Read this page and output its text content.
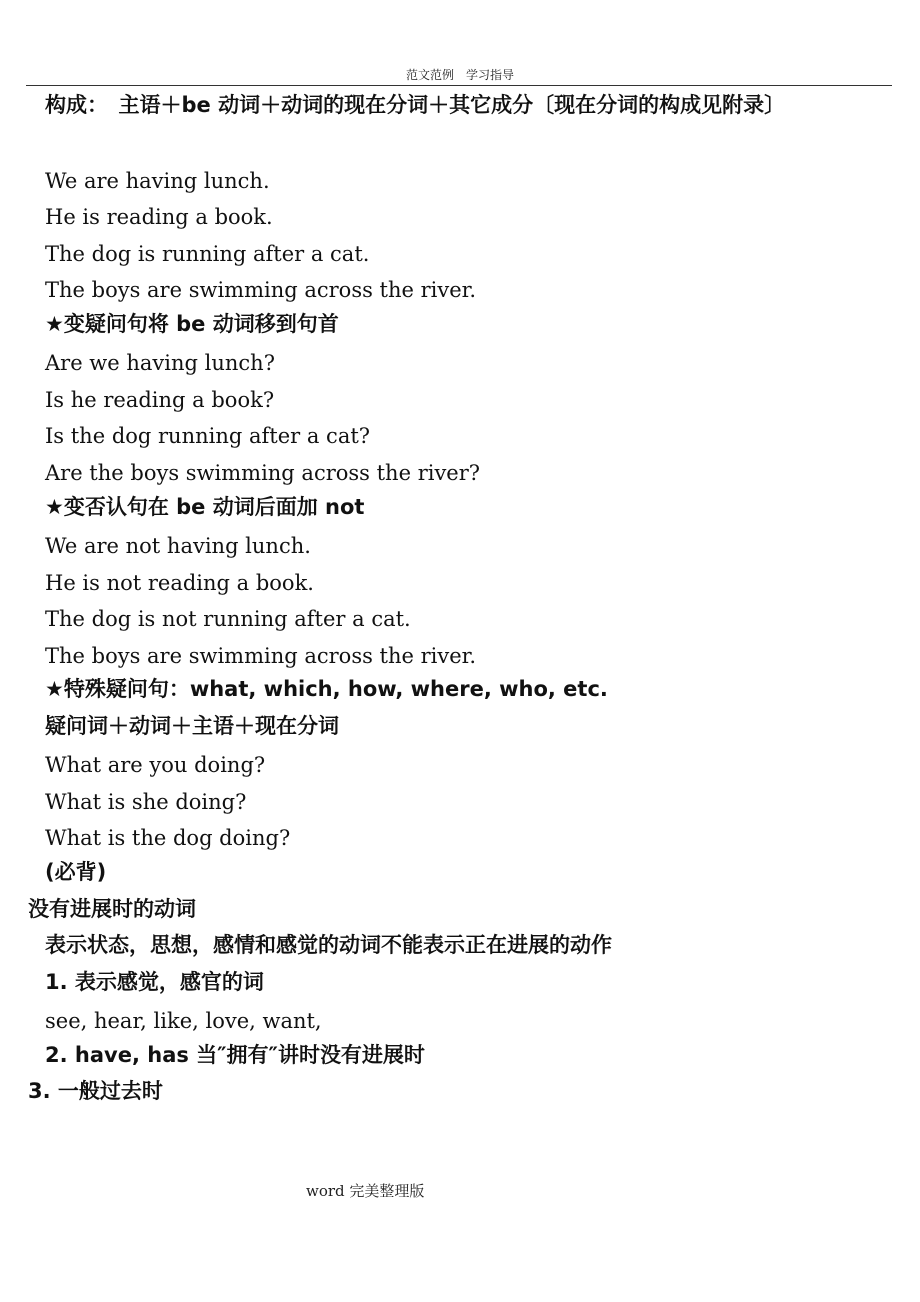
范文范例　学习指导
构成：　主语＋be 动词＋动词的现在分词＋其它成分〔现在分词的构成见附录〕
We are having lunch.
He is reading a book.
The dog is running after a cat.
The boys are swimming across the river.
★变疑问句将 be 动词移到句首
Are we having lunch?
Is he reading a book?
Is the dog running after a cat?
Are the boys swimming across the river?
★变否认句在 be 动词后面加 not
We are not having lunch.
He is not reading a book.
The dog is not running after a cat.
The boys are swimming across the river.
★特殊疑问句：what, which, how, where, who, etc.
疑问词＋动词＋主语＋现在分词
What are you doing?
What is she doing?
What is the dog doing?
(必背)
没有进展时的动词
表示状态，思想，感情和感觉的动词不能表示正在进展的动作
1. 表示感觉，感官的词
see, hear, like, love, want,
2. have, has 当″拥有″讲时没有进展时
3. 一般过去时
word 完美整理版
